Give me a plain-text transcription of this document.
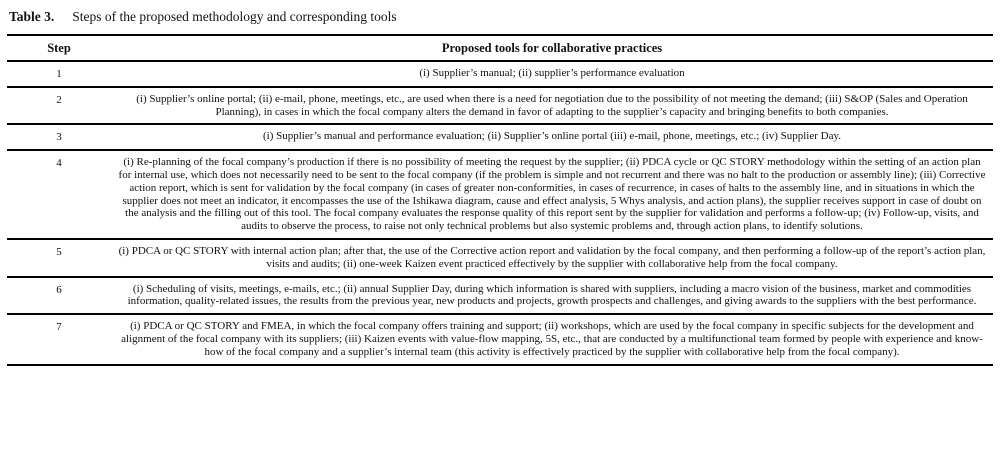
Table 3. Steps of the proposed methodology and corresponding tools
Step	Proposed tools for collaborative practices
1	(i) Supplier’s manual; (ii) supplier’s performance evaluation
2	(i) Supplier’s online portal; (ii) e-mail, phone, meetings, etc., are used when there is a need for negotiation due to the possibility of not meeting the demand; (iii) S&OP (Sales and Operation Planning), in cases in which the focal company alters the demand in favor of adapting to the supplier’s capacity and bringing benefits to both companies.
3	(i) Supplier’s manual and performance evaluation; (ii) Supplier’s online portal (iii) e-mail, phone, meetings, etc.; (iv) Supplier Day.
4	(i) Re-planning of the focal company’s production if there is no possibility of meeting the request by the supplier; (ii) PDCA cycle or QC STORY methodology within the setting of an action plan for internal use, which does not necessarily need to be sent to the focal company (if the problem is simple and not recurrent and there was no halt to the production or assembly line); (iii) Corrective action report, which is sent for validation by the focal company (in cases of greater non-conformities, in cases of recurrence, in cases of halts to the assembly line, and in situations in which the supplier does not meet an indicator, it encompasses the use of the Ishikawa diagram, cause and effect analysis, 5 Whys analysis, and action plans), the supplier receives support in case of doubt on the analysis and the filling out of this tool. The focal company evaluates the response quality of this report sent by the supplier for validation and performs a follow-up; (iv) Follow-up, visits, and audits to observe the process, to raise not only technical problems but also systemic problems and, through action plans, to identify solutions.
5	(i) PDCA or QC STORY with internal action plan; after that, the use of the Corrective action report and validation by the focal company, and then performing a follow-up of the report’s action plan, visits and audits; (ii) one-week Kaizen event practiced effectively by the supplier with collaborative help from the focal company.
6	(i) Scheduling of visits, meetings, e-mails, etc.; (ii) annual Supplier Day, during which information is shared with suppliers, including a macro vision of the business, market and commodities information, quality-related issues, the results from the previous year, new products and projects, growth prospects and challenges, and giving awards to the suppliers with the best performance.
7	(i) PDCA or QC STORY and FMEA, in which the focal company offers training and support; (ii) workshops, which are used by the focal company in specific subjects for the development and alignment of the focal company with its suppliers; (iii) Kaizen events with value-flow mapping, 5S, etc., that are conducted by a multifunctional team formed by people with experience and know-how of the focal company and a supplier’s internal team (this activity is effectively practiced by the supplier with collaborative help from the focal company).
